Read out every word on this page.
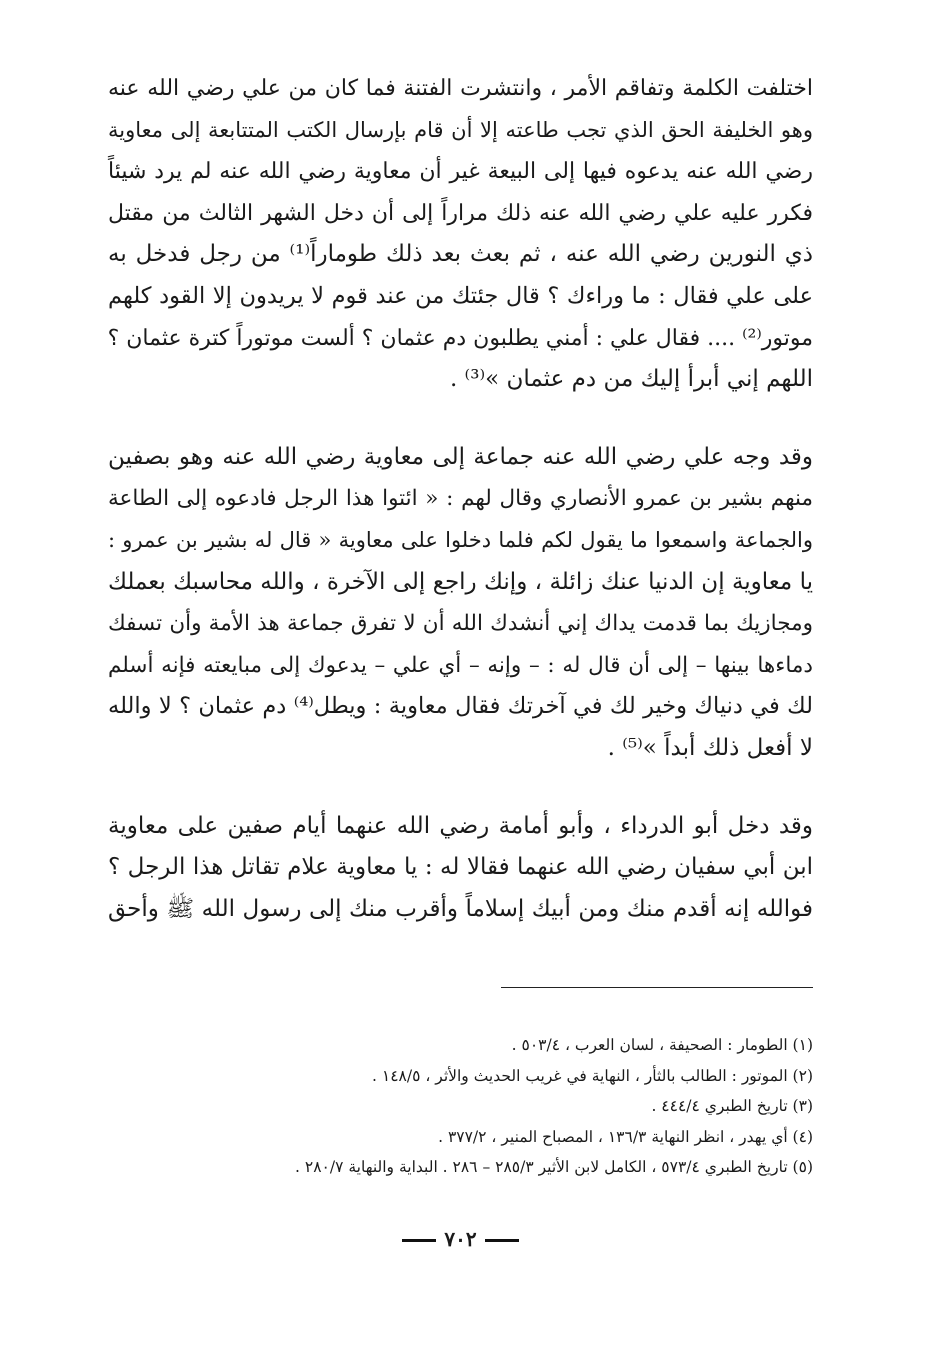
اختلفت الكلمة وتفاقم الأمر ، وانتشرت الفتنة فما كان من علي رضي الله عنه
وهو الخليفة الحق الذي تجب طاعته إلا أن قام بإرسال الكتب المتتابعة إلى معاوية
رضي الله عنه يدعوه فيها إلى البيعة غير أن معاوية رضي الله عنه لم يرد شيئاً
فكرر عليه علي رضي الله عنه ذلك مراراً إلى أن دخل الشهر الثالث من مقتل
ذي النورين رضي الله عنه ، ثم بعث بعد ذلك طوماراً⁽¹⁾ من رجل فدخل به
على علي فقال : ما وراءك ؟ قال جئتك من عند قوم لا يريدون إلا القود كلهم
موتور⁽²⁾ .... فقال علي : أمني يطلبون دم عثمان ؟ ألست موتوراً كترة عثمان ؟
اللهم إني أبرأ إليك من دم عثمان »⁽³⁾ .

وقد وجه علي رضي الله عنه جماعة إلى معاوية رضي الله عنه وهو بصفين
منهم بشير بن عمرو الأنصاري وقال لهم : « ائتوا هذا الرجل فادعوه إلى الطاعة
والجماعة واسمعوا ما يقول لكم فلما دخلوا على معاوية « قال له بشير بن عمرو :
يا معاوية إن الدنيا عنك زائلة ، وإنك راجع إلى الآخرة ، والله محاسبك بعملك
ومجازيك بما قدمت يداك إني أنشدك الله أن لا تفرق جماعة هذ الأمة وأن تسفك
دماءها بينها – إلى أن قال له : – وإنه – أي علي – يدعوك إلى مبايعته فإنه أسلم
لك في دنياك وخير لك في آخرتك فقال معاوية : ويطل⁽⁴⁾ دم عثمان ؟ لا والله
لا أفعل ذلك أبداً »⁽⁵⁾ .

وقد دخل أبو الدرداء ، وأبو أمامة رضي الله عنهما أيام صفين على معاوية
ابن أبي سفيان رضي الله عنهما فقالا له : يا معاوية علام تقاتل هذا الرجل ؟
فوالله إنه أقدم منك ومن أبيك إسلاماً وأقرب منك إلى رسول الله ﷺ وأحق

(١) الطومار : الصحيفة ، لسان العرب ، ٥٠٣/٤ .
(٢) الموتور : الطالب بالثأر ، النهاية في غريب الحديث والأثر ، ١٤٨/٥ .
(٣) تاريخ الطبري ٤٤٤/٤ .
(٤) أي يهدر ، انظر النهاية ١٣٦/٣ ، المصباح المنير ، ٣٧٧/٢ .
(٥) تاريخ الطبري ٥٧٣/٤ ، الكامل لابن الأثير ٢٨٥/٣ – ٢٨٦ . البداية والنهاية ٢٨٠/٧ .
٧٠٢
